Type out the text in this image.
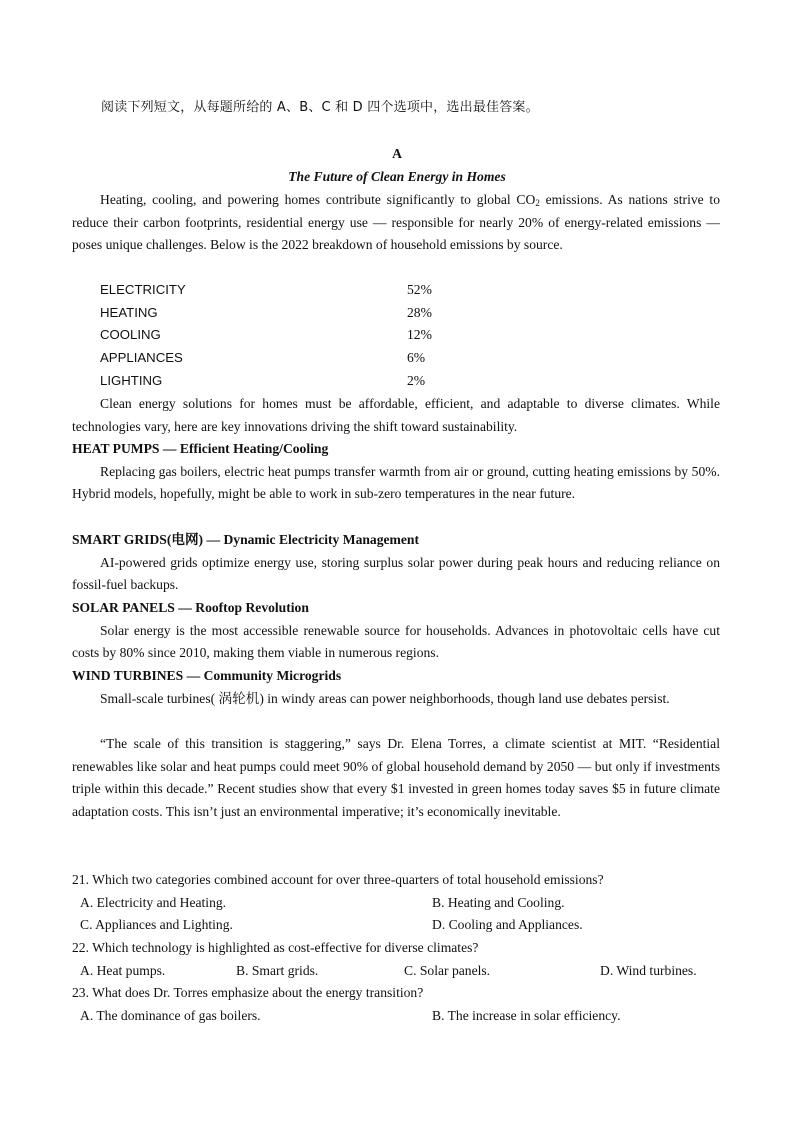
阅读下列短文，从每题所给的 A、B、C 和 D 四个选项中，选出最佳答案。
A
The Future of Clean Energy in Homes

Heating, cooling, and powering homes contribute significantly to global $CO_2$ emissions. As nations strive to reduce their carbon footprints, residential energy use — responsible for nearly 20% of energy-related emissions — poses unique challenges. Below is the 2022 breakdown of household emissions by source.

ELECTRICITY	52%
HEATING	28%
COOLING	12%
APPLIANCES	6%
LIGHTING	2%

Clean energy solutions for homes must be affordable, efficient, and adaptable to diverse climates. While technologies vary, here are key innovations driving the shift toward sustainability.

HEAT PUMPS — Efficient Heating/Cooling

Replacing gas boilers, electric heat pumps transfer warmth from air or ground, cutting heating emissions by 50%. Hybrid models, hopefully, might be able to work in sub-zero temperatures in the near future.

SMART GRIDS(电网) — Dynamic Electricity Management

AI-powered grids optimize energy use, storing surplus solar power during peak hours and reducing reliance on fossil-fuel backups.

SOLAR PANELS — Rooftop Revolution

Solar energy is the most accessible renewable source for households. Advances in photovoltaic cells have cut costs by 80% since 2010, making them viable in numerous regions.

WIND TURBINES — Community Microgrids

Small-scale turbines( 涡轮机) in windy areas can power neighborhoods, though land use debates persist.

“The scale of this transition is staggering,” says Dr. Elena Torres, a climate scientist at MIT. “Residential renewables like solar and heat pumps could meet 90% of global household demand by 2050 — but only if investments triple within this decade.” Recent studies show that every $1 invested in green homes today saves $5 in future climate adaptation costs. This isn’t just an environmental imperative; it’s economically inevitable.

21. Which two categories combined account for over three-quarters of total household emissions?
A. Electricity and Heating.	B. Heating and Cooling.
C. Appliances and Lighting.	D. Cooling and Appliances.
22. Which technology is highlighted as cost-effective for diverse climates?
A. Heat pumps.	B. Smart grids.	C. Solar panels.	D. Wind turbines.
23. What does Dr. Torres emphasize about the energy transition?
A. The dominance of gas boilers.	B. The increase in solar efficiency.
